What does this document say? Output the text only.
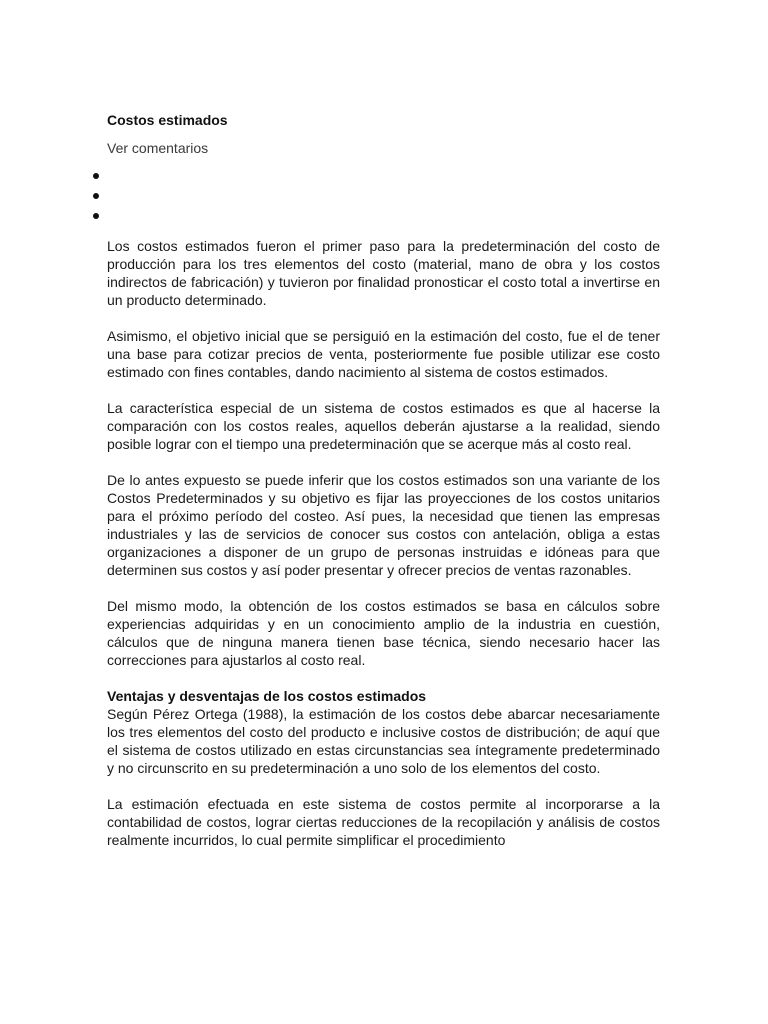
Costos estimados
Ver comentarios

Los costos estimados fueron el primer paso para la predeterminación del costo de producción para los tres elementos del costo (material, mano de obra y los costos indirectos de fabricación) y tuvieron por finalidad pronosticar el costo total a invertirse en un producto determinado.

Asimismo, el objetivo inicial que se persiguió en la estimación del costo, fue el de tener una base para cotizar precios de venta, posteriormente fue posible utilizar ese costo estimado con fines contables, dando nacimiento al sistema de costos estimados.

La característica especial de un sistema de costos estimados es que al hacerse la comparación con los costos reales, aquellos deberán ajustarse a la realidad, siendo posible lograr con el tiempo una predeterminación que se acerque más al costo real.

De lo antes expuesto se puede inferir que los costos estimados son una variante de los Costos Predeterminados y su objetivo es fijar las proyecciones de los costos unitarios para el próximo período del costeo. Así pues, la necesidad que tienen las empresas industriales y las de servicios de conocer sus costos con antelación, obliga a estas organizaciones a disponer de un grupo de personas instruidas e idóneas para que determinen sus costos y así poder presentar y ofrecer precios de ventas razonables.

Del mismo modo, la obtención de los costos estimados se basa en cálculos sobre experiencias adquiridas y en un conocimiento amplio de la industria en cuestión, cálculos que de ninguna manera tienen base técnica, siendo necesario hacer las correcciones para ajustarlos al costo real.

Ventajas y desventajas de los costos estimados

Según Pérez Ortega (1988), la estimación de los costos debe abarcar necesariamente los tres elementos del costo del producto e inclusive costos de distribución; de aquí que el sistema de costos utilizado en estas circunstancias sea íntegramente predeterminado y no circunscrito en su predeterminación a uno solo de los elementos del costo.

La estimación efectuada en este sistema de costos permite al incorporarse a la contabilidad de costos, lograr ciertas reducciones de la recopilación y análisis de costos realmente incurridos, lo cual permite simplificar el procedimiento
